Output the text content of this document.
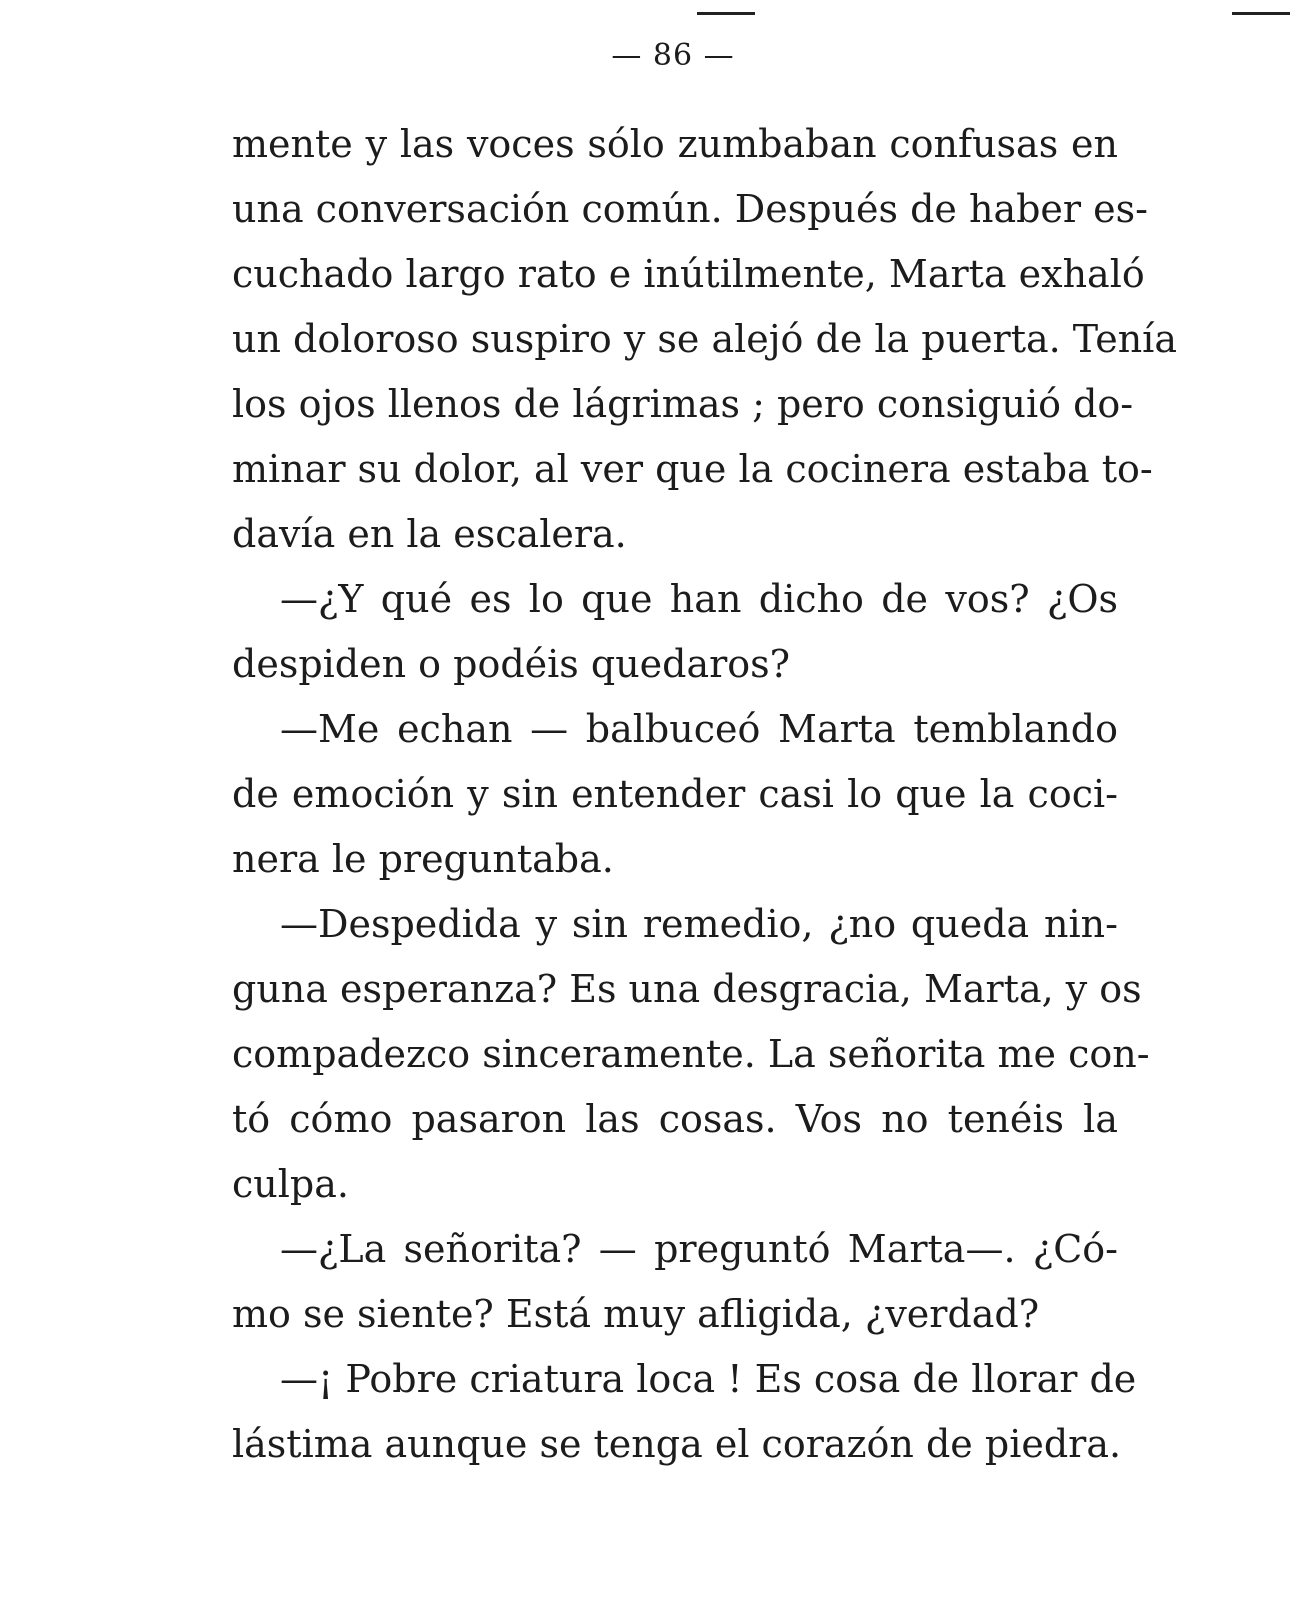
— 86 —
mente y las voces sólo zumbaban confusas en
una conversación común. Después de haber es-
cuchado largo rato e inútilmente, Marta exhaló
un doloroso suspiro y se alejó de la puerta. Tenía
los ojos llenos de lágrimas ; pero consiguió do-
minar su dolor, al ver que la cocinera estaba to-
davía en la escalera.
—¿Y qué es lo que han dicho de vos? ¿Os
despiden o podéis quedaros?
—Me echan — balbuceó Marta temblando
de emoción y sin entender casi lo que la coci-
nera le preguntaba.
—Despedida y sin remedio, ¿no queda nin-
guna esperanza? Es una desgracia, Marta, y os
compadezco sinceramente. La señorita me con-
tó cómo pasaron las cosas. Vos no tenéis la
culpa.
—¿La señorita? — preguntó Marta—. ¿Có-
mo se siente? Está muy afligida, ¿verdad?
—¡ Pobre criatura loca ! Es cosa de llorar de
lástima aunque se tenga el corazón de piedra.
